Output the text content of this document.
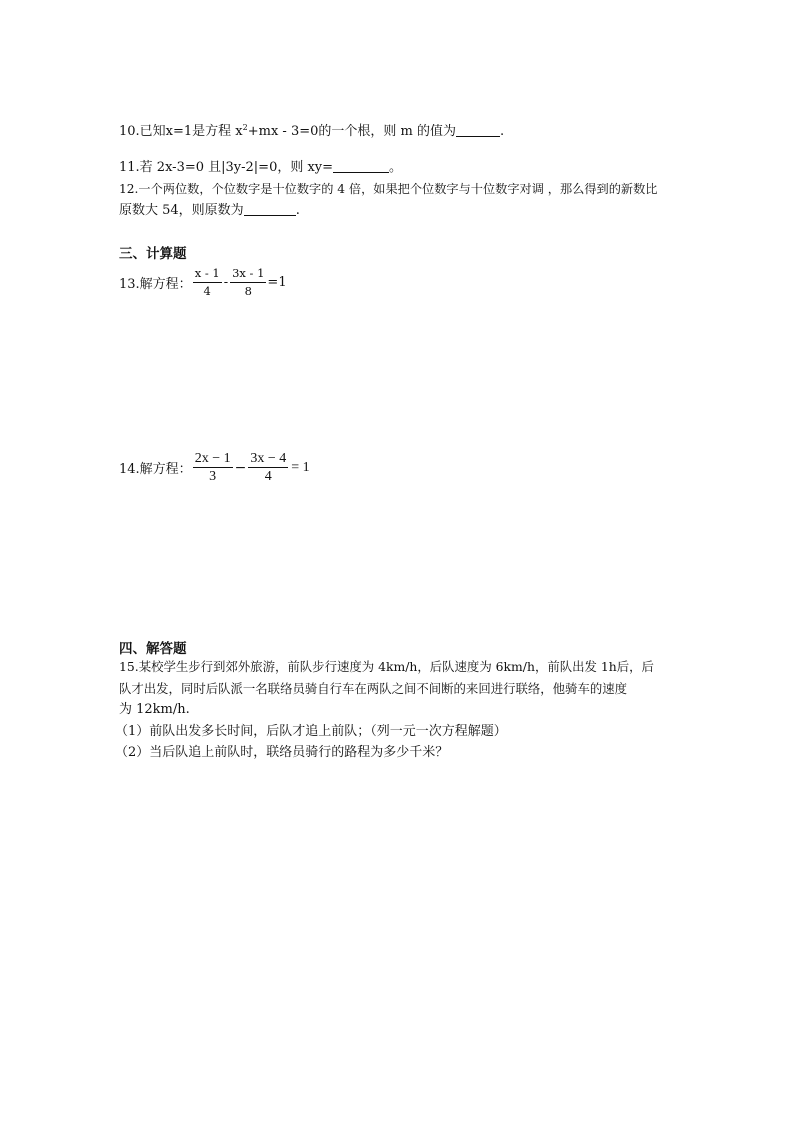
10.已知x=1是方程 $x^2+mx - 3=0$的一个根，则 m 的值为	.
11.若 2x-3=0 且|3y-2|=0，则 xy=	。
12.一个两位数，个位数字是十位数字的 4 倍，如果把个位数字与十位数字对调 ，那么得到的新数比
原数大 54，则原数为	.
三、计算题
13.解方程： $\frac{x - 1}{4} - \frac{3x - 1}{8} =1$
14.解方程： $\frac{2x - 1}{3} - \frac{3x - 4}{4} = 1$
四、解答题
15.某校学生步行到郊外旅游，前队步行速度为 4km/h，后队速度为 6km/h，前队出发 1h后，后
队才出发，同时后队派一名联络员骑自行车在两队之间不间断的来回进行联络，他骑车的速度
为 12km/h.
（1）前队出发多长时间，后队才追上前队；（列一元一次方程解题）
（2）当后队追上前队时，联络员骑行的路程为多少千米？
